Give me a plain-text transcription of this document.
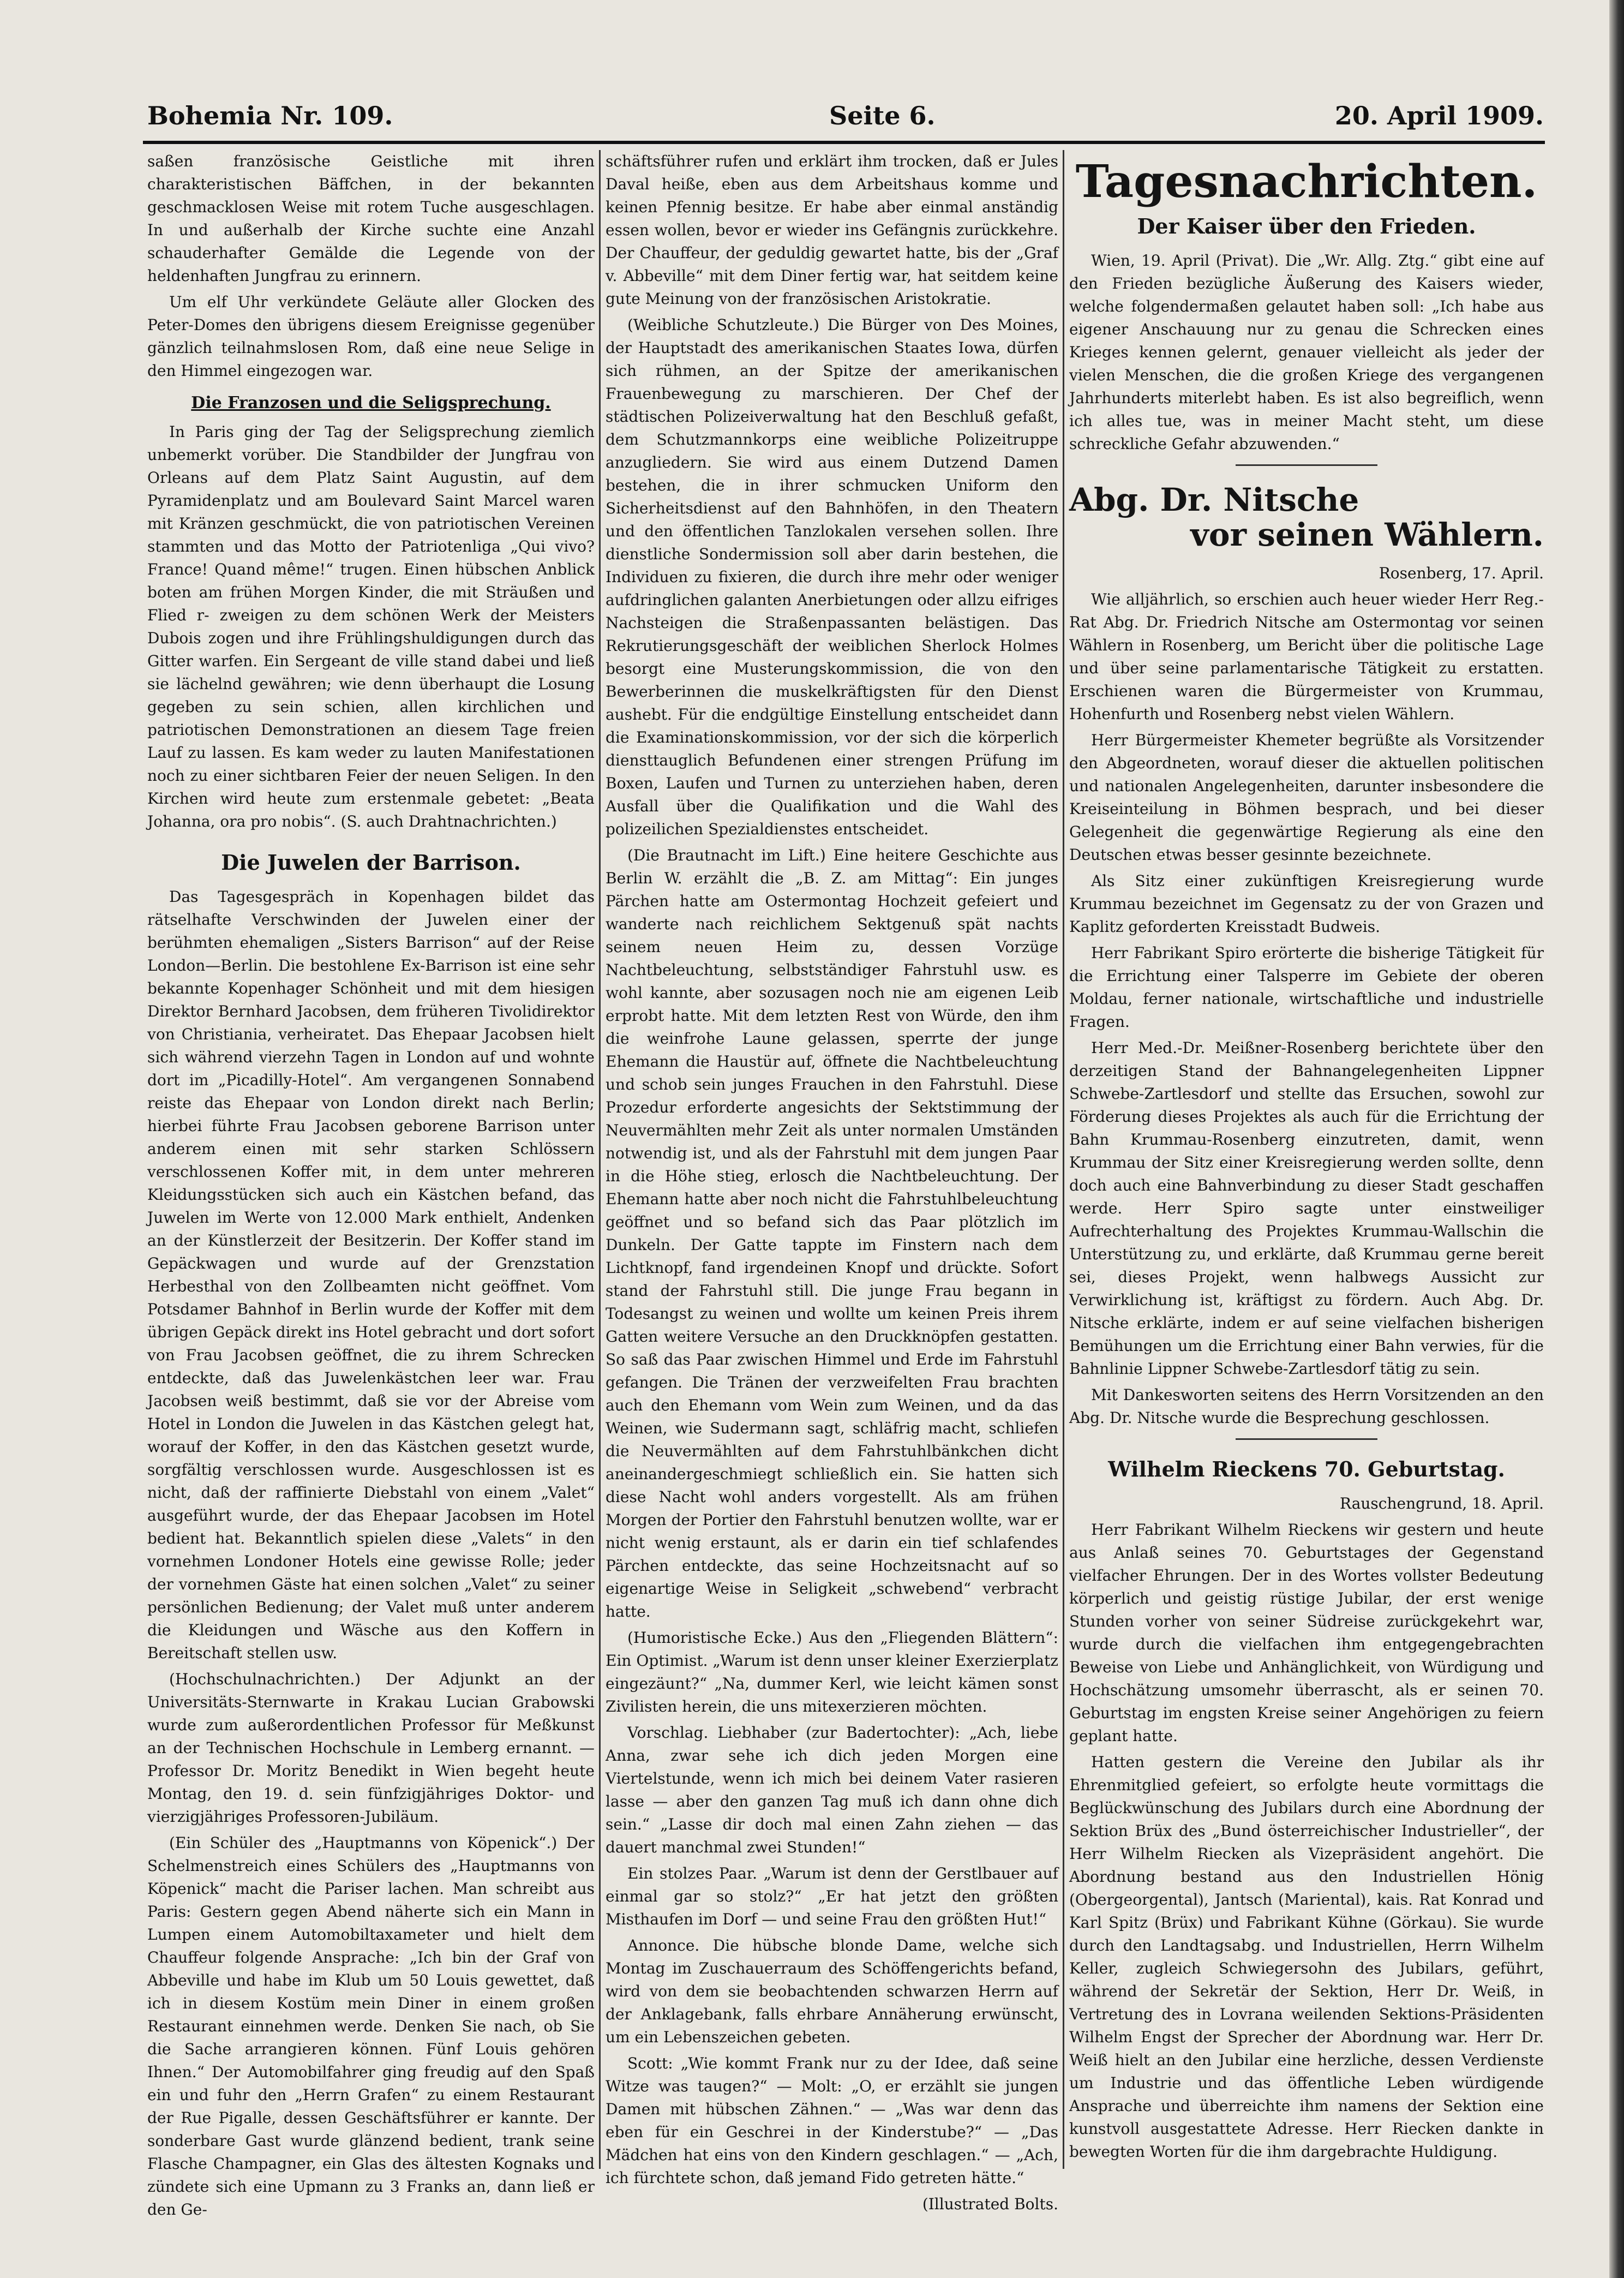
Bohemia Nr. 109.	Seite 6.	20. April 1909.

saßen französische Geistliche mit ihren charakteristischen Bäffchen, in der bekannten geschmacklosen Weise mit rotem Tuche ausgeschlagen. In und außerhalb der Kirche suchte eine Anzahl schauderhafter Gemälde die Legende von der heldenhaften Jungfrau zu erinnern.

Um elf Uhr verkündete Geläute aller Glocken des Peter-Domes den übrigens diesem Ereignisse gegenüber gänzlich teilnahmslosen Rom, daß eine neue Selige in den Himmel eingezogen war.

Die Franzosen und die Seligsprechung.

In Paris ging der Tag der Seligsprechung ziemlich unbemerkt vorüber. Die Standbilder der Jungfrau von Orleans auf dem Platz Saint Augustin, auf dem Pyramidenplatz und am Boulevard Saint Marcel waren mit Kränzen geschmückt, die von patriotischen Vereinen stammten und das Motto der Patriotenliga „Qui vivo? France! Quand même!“ trugen. Einen hübschen Anblick boten am frühen Morgen Kinder, die mit Sträußen und Flied r- zweigen zu dem schönen Werk der Meisters Dubois zogen und ihre Frühlingshuldigungen durch das Gitter warfen. Ein Sergeant de ville stand dabei und ließ sie lächelnd gewähren; wie denn überhaupt die Losung gegeben zu sein schien, allen kirchlichen und patriotischen Demonstrationen an diesem Tage freien Lauf zu lassen. Es kam weder zu lauten Manifestationen noch zu einer sichtbaren Feier der neuen Seligen. In den Kirchen wird heute zum erstenmale gebetet: „Beata Johanna, ora pro nobis“. (S. auch Drahtnachrichten.)

Die Juwelen der Barrison.

Das Tagesgespräch in Kopenhagen bildet das rätselhafte Verschwinden der Juwelen einer der berühmten ehemaligen „Sisters Barrison“ auf der Reise London—Berlin. Die bestohlene Ex-Barrison ist eine sehr bekannte Kopenhager Schönheit und mit dem hiesigen Direktor Bernhard Jacobsen, dem früheren Tivolidirektor von Christiania, verheiratet. Das Ehepaar Jacobsen hielt sich während vierzehn Tagen in London auf und wohnte dort im „Picadilly-Hotel“. Am vergangenen Sonnabend reiste das Ehepaar von London direkt nach Berlin; hierbei führte Frau Jacobsen geborene Barrison unter anderem einen mit sehr starken Schlössern verschlossenen Koffer mit, in dem unter mehreren Kleidungsstücken sich auch ein Kästchen befand, das Juwelen im Werte von 12.000 Mark enthielt, Andenken an der Künstlerzeit der Besitzerin. Der Koffer stand im Gepäckwagen und wurde auf der Grenzstation Herbesthal von den Zollbeamten nicht geöffnet. Vom Potsdamer Bahnhof in Berlin wurde der Koffer mit dem übrigen Gepäck direkt ins Hotel gebracht und dort sofort von Frau Jacobsen geöffnet, die zu ihrem Schrecken entdeckte, daß das Juwelenkästchen leer war. Frau Jacobsen weiß bestimmt, daß sie vor der Abreise vom Hotel in London die Juwelen in das Kästchen gelegt hat, worauf der Koffer, in den das Kästchen gesetzt wurde, sorgfältig verschlossen wurde. Ausgeschlossen ist es nicht, daß der raffinierte Diebstahl von einem „Valet“ ausgeführt wurde, der das Ehepaar Jacobsen im Hotel bedient hat. Bekanntlich spielen diese „Valets“ in den vornehmen Londoner Hotels eine gewisse Rolle; jeder der vornehmen Gäste hat einen solchen „Valet“ zu seiner persönlichen Bedienung; der Valet muß unter anderem die Kleidungen und Wäsche aus den Koffern in Bereitschaft stellen usw.

(Hochschulnachrichten.) Der Adjunkt an der Universitäts-Sternwarte in Krakau Lucian Grabowski wurde zum außerordentlichen Professor für Meßkunst an der Technischen Hochschule in Lemberg ernannt. — Professor Dr. Moritz Benedikt in Wien begeht heute Montag, den 19. d. sein fünfzigjähriges Doktor- und vierzigjähriges Professoren-Jubiläum.

(Ein Schüler des „Hauptmanns von Köpenick“.) Der Schelmenstreich eines Schülers des „Hauptmanns von Köpenick“ macht die Pariser lachen. Man schreibt aus Paris: Gestern gegen Abend näherte sich ein Mann in Lumpen einem Automobiltaxameter und hielt dem Chauffeur folgende Ansprache: „Ich bin der Graf von Abbeville und habe im Klub um 50 Louis gewettet, daß ich in diesem Kostüm mein Diner in einem großen Restaurant einnehmen werde. Denken Sie nach, ob Sie die Sache arrangieren können. Fünf Louis gehören Ihnen.“ Der Automobilfahrer ging freudig auf den Spaß ein und fuhr den „Herrn Grafen“ zu einem Restaurant der Rue Pigalle, dessen Geschäftsführer er kannte. Der sonderbare Gast wurde glänzend bedient, trank seine Flasche Champagner, ein Glas des ältesten Kognaks und zündete sich eine Upmann zu 3 Franks an, dann ließ er den Ge-

schäftsführer rufen und erklärt ihm trocken, daß er Jules Daval heiße, eben aus dem Arbeitshaus komme und keinen Pfennig besitze. Er habe aber einmal anständig essen wollen, bevor er wieder ins Gefängnis zurückkehre. Der Chauffeur, der geduldig gewartet hatte, bis der „Graf v. Abbeville“ mit dem Diner fertig war, hat seitdem keine gute Meinung von der französischen Aristokratie.

(Weibliche Schutzleute.) Die Bürger von Des Moines, der Hauptstadt des amerikanischen Staates Iowa, dürfen sich rühmen, an der Spitze der amerikanischen Frauenbewegung zu marschieren. Der Chef der städtischen Polizeiverwaltung hat den Beschluß gefaßt, dem Schutzmannkorps eine weibliche Polizeitruppe anzugliedern. Sie wird aus einem Dutzend Damen bestehen, die in ihrer schmucken Uniform den Sicherheitsdienst auf den Bahnhöfen, in den Theatern und den öffentlichen Tanzlokalen versehen sollen. Ihre dienstliche Sondermission soll aber darin bestehen, die Individuen zu fixieren, die durch ihre mehr oder weniger aufdringlichen galanten Anerbietungen oder allzu eifriges Nachsteigen die Straßenpassanten belästigen. Das Rekrutierungsgeschäft der weiblichen Sherlock Holmes besorgt eine Musterungskommission, die von den Bewerberinnen die muskelkräftigsten für den Dienst aushebt. Für die endgültige Einstellung entscheidet dann die Examinationskommission, vor der sich die körperlich diensttauglich Befundenen einer strengen Prüfung im Boxen, Laufen und Turnen zu unterziehen haben, deren Ausfall über die Qualifikation und die Wahl des polizeilichen Spezialdienstes entscheidet.

(Die Brautnacht im Lift.) Eine heitere Geschichte aus Berlin W. erzählt die „B. Z. am Mittag“: Ein junges Pärchen hatte am Ostermontag Hochzeit gefeiert und wanderte nach reichlichem Sektgenuß spät nachts seinem neuen Heim zu, dessen Vorzüge Nachtbeleuchtung, selbstständiger Fahrstuhl usw. es wohl kannte, aber sozusagen noch nie am eigenen Leib erprobt hatte. Mit dem letzten Rest von Würde, den ihm die weinfrohe Laune gelassen, sperrte der junge Ehemann die Haustür auf, öffnete die Nachtbeleuchtung und schob sein junges Frauchen in den Fahrstuhl. Diese Prozedur erforderte angesichts der Sektstimmung der Neuvermählten mehr Zeit als unter normalen Umständen notwendig ist, und als der Fahrstuhl mit dem jungen Paar in die Höhe stieg, erlosch die Nachtbeleuchtung. Der Ehemann hatte aber noch nicht die Fahrstuhlbeleuchtung geöffnet und so befand sich das Paar plötzlich im Dunkeln. Der Gatte tappte im Finstern nach dem Lichtknopf, fand irgendeinen Knopf und drückte. Sofort stand der Fahrstuhl still. Die junge Frau begann in Todesangst zu weinen und wollte um keinen Preis ihrem Gatten weitere Versuche an den Druckknöpfen gestatten. So saß das Paar zwischen Himmel und Erde im Fahrstuhl gefangen. Die Tränen der verzweifelten Frau brachten auch den Ehemann vom Wein zum Weinen, und da das Weinen, wie Sudermann sagt, schläfrig macht, schliefen die Neuvermählten auf dem Fahrstuhlbänkchen dicht aneinandergeschmiegt schließlich ein. Sie hatten sich diese Nacht wohl anders vorgestellt. Als am frühen Morgen der Portier den Fahrstuhl benutzen wollte, war er nicht wenig erstaunt, als er darin ein tief schlafendes Pärchen entdeckte, das seine Hochzeitsnacht auf so eigenartige Weise in Seligkeit „schwebend“ verbracht hatte.

(Humoristische Ecke.) Aus den „Fliegenden Blättern“: Ein Optimist. „Warum ist denn unser kleiner Exerzierplatz eingezäunt?“ „Na, dummer Kerl, wie leicht kämen sonst Zivilisten herein, die uns mitexerzieren möchten.

Vorschlag. Liebhaber (zur Badertochter): „Ach, liebe Anna, zwar sehe ich dich jeden Morgen eine Viertelstunde, wenn ich mich bei deinem Vater rasieren lasse — aber den ganzen Tag muß ich dann ohne dich sein.“ „Lasse dir doch mal einen Zahn ziehen — das dauert manchmal zwei Stunden!“

Ein stolzes Paar. „Warum ist denn der Gerstlbauer auf einmal gar so stolz?“ „Er hat jetzt den größten Misthaufen im Dorf — und seine Frau den größten Hut!“

Annonce. Die hübsche blonde Dame, welche sich Montag im Zuschauerraum des Schöffengerichts befand, wird von dem sie beobachtenden schwarzen Herrn auf der Anklagebank, falls ehrbare Annäherung erwünscht, um ein Lebenszeichen gebeten.

Scott: „Wie kommt Frank nur zu der Idee, daß seine Witze was taugen?“ — Molt: „O, er erzählt sie jungen Damen mit hübschen Zähnen.“ — „Was war denn das eben für ein Geschrei in der Kinderstube?“ — „Das Mädchen hat eins von den Kindern geschlagen.“ — „Ach, ich fürchtete schon, daß jemand Fido getreten hätte.“

(Illustrated Bolts.
Tagesnachrichten.
Der Kaiser über den Frieden.

Wien, 19. April (Privat). Die „Wr. Allg. Ztg.“ gibt eine auf den Frieden bezügliche Äußerung des Kaisers wieder, welche folgendermaßen gelautet haben soll: „Ich habe aus eigener Anschauung nur zu genau die Schrecken eines Krieges kennen gelernt, genauer vielleicht als jeder der vielen Menschen, die die großen Kriege des vergangenen Jahrhunderts miterlebt haben. Es ist also begreiflich, wenn ich alles tue, was in meiner Macht steht, um diese schreckliche Gefahr abzuwenden.“

Abg. Dr. Nitsche
vor seinen Wählern.
Rosenberg, 17. April.

Wie alljährlich, so erschien auch heuer wieder Herr Reg.-Rat Abg. Dr. Friedrich Nitsche am Ostermontag vor seinen Wählern in Rosenberg, um Bericht über die politische Lage und über seine parlamentarische Tätigkeit zu erstatten. Erschienen waren die Bürgermeister von Krummau, Hohenfurth und Rosenberg nebst vielen Wählern.

Herr Bürgermeister Khemeter begrüßte als Vorsitzender den Abgeordneten, worauf dieser die aktuellen politischen und nationalen Angelegenheiten, darunter insbesondere die Kreiseinteilung in Böhmen besprach, und bei dieser Gelegenheit die gegenwärtige Regierung als eine den Deutschen etwas besser gesinnte bezeichnete.

Als Sitz einer zukünftigen Kreisregierung wurde Krummau bezeichnet im Gegensatz zu der von Grazen und Kaplitz geforderten Kreisstadt Budweis.

Herr Fabrikant Spiro erörterte die bisherige Tätigkeit für die Errichtung einer Talsperre im Gebiete der oberen Moldau, ferner nationale, wirtschaftliche und industrielle Fragen.

Herr Med.-Dr. Meißner-Rosenberg berichtete über den derzeitigen Stand der Bahnangelegenheiten Lippner Schwebe-Zartlesdorf und stellte das Ersuchen, sowohl zur Förderung dieses Projektes als auch für die Errichtung der Bahn Krummau-Rosenberg einzutreten, damit, wenn Krummau der Sitz einer Kreisregierung werden sollte, denn doch auch eine Bahnverbindung zu dieser Stadt geschaffen werde. Herr Spiro sagte unter einstweiliger Aufrechterhaltung des Projektes Krummau-Wallschin die Unterstützung zu, und erklärte, daß Krummau gerne bereit sei, dieses Projekt, wenn halbwegs Aussicht zur Verwirklichung ist, kräftigst zu fördern. Auch Abg. Dr. Nitsche erklärte, indem er auf seine vielfachen bisherigen Bemühungen um die Errichtung einer Bahn verwies, für die Bahnlinie Lippner Schwebe-Zartlesdorf tätig zu sein.

Mit Dankesworten seitens des Herrn Vorsitzenden an den Abg. Dr. Nitsche wurde die Besprechung geschlossen.

Wilhelm Rieckens 70. Geburtstag.
Rauschengrund, 18. April.

Herr Fabrikant Wilhelm Rieckens wir gestern und heute aus Anlaß seines 70. Geburtstages der Gegenstand vielfacher Ehrungen. Der in des Wortes vollster Bedeutung körperlich und geistig rüstige Jubilar, der erst wenige Stunden vorher von seiner Südreise zurückgekehrt war, wurde durch die vielfachen ihm entgegengebrachten Beweise von Liebe und Anhänglichkeit, von Würdigung und Hochschätzung umsomehr überrascht, als er seinen 70. Geburtstag im engsten Kreise seiner Angehörigen zu feiern geplant hatte.

Hatten gestern die Vereine den Jubilar als ihr Ehrenmitglied gefeiert, so erfolgte heute vormittags die Beglückwünschung des Jubilars durch eine Abordnung der Sektion Brüx des „Bund österreichischer Industrieller“, der Herr Wilhelm Riecken als Vizepräsident angehört. Die Abordnung bestand aus den Industriellen Hönig (Obergeorgental), Jantsch (Mariental), kais. Rat Konrad und Karl Spitz (Brüx) und Fabrikant Kühne (Görkau). Sie wurde durch den Landtagsabg. und Industriellen, Herrn Wilhelm Keller, zugleich Schwiegersohn des Jubilars, geführt, während der Sekretär der Sektion, Herr Dr. Weiß, in Vertretung des in Lovrana weilenden Sektions-Präsidenten Wilhelm Engst der Sprecher der Abordnung war. Herr Dr. Weiß hielt an den Jubilar eine herzliche, dessen Verdienste um Industrie und das öffentliche Leben würdigende Ansprache und überreichte ihm namens der Sektion eine kunstvoll ausgestattete Adresse. Herr Riecken dankte in bewegten Worten für die ihm dargebrachte Huldigung.
